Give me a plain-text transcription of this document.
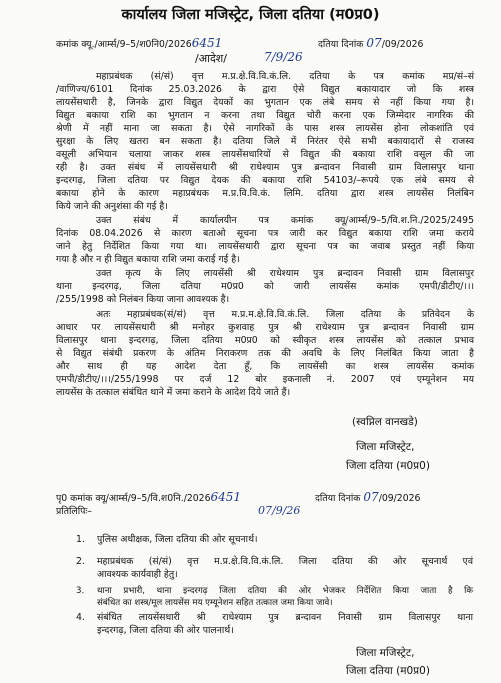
कार्यालय जिला मजिस्ट्रेट, जिला दतिया (म0प्र0)
कमांक क्यू./आर्म्स/9–5/श0नि0/20266451	दतिया दिनांक 07/09/2026
7/9/26
/आदेश/
महाप्रबंधक (सं/सं) वृत्त म.प्र.क्षे.वि.वि.कं.लि. दतिया के पत्र कमांक मप्र/सं–सं
/वाणिज्य/6101 दिनांक 25.03.2026 के द्वारा ऐसे विद्युत बकायादार जो कि शस्त्र
लायसेंसधारी है, जिनके द्वारा विद्युत देयकों का भुगतान एक लंबे समय से नहीं किया गया है।
विद्युत बकाया राशि का भुगतान न करना तथा विद्युत चोरी करना एक जिम्मेदार नागरिक की
श्रेणी में नहीं माना जा सकता है। ऐसे नागरिकों के पास शस्त्र लायसेंस होना लोकशांति एवं
सुरक्षा के लिए खतरा बन सकता है। दतिया जिले में निरंतर ऐसे सभी बकायादारों से राजस्व
वसूली अभियान चलाया जाकर शस्त्र लायसेंसधारियों से विद्युत की बकाया राशि वसूल की जा
रही है। उक्त संबंध में लायसेंसधारी श्री राधेश्याम पुत्र ब्रन्दावन निवासी ग्राम विलासपुर थाना
इन्दरगढ़, जिला दतिया पर विद्युत देयक की बकाया राशि 54103/–रूपये एक लंबे समय से
बकाया होने के कारण महाप्रबंधक म.प्र.वि.वि.कं. लिमि. दतिया द्वारा शस्त्र लायसेंस निलंबिन
किये जाने की अनुशंसा की गई है।
उक्त संबंध में कार्यालयीन पत्र कमांक क्यू/आर्म्स/9–5/वि.श.नि./2025/2495
दिनांक 08.04.2026 से कारण बताओ सूचना पत्र जारी कर विद्युत बकाया राशि जमा कराये
जाने हेतु निर्देशित किया गया था। लायसेंसधारी द्वारा सूचना पत्र का जवाब प्रस्तुत नहीं किया
गया है और न ही विद्युत बकाया राशि जमा कराई गई है।
उक्त कृत्य के लिए लायसेंसी श्री राधेश्याम पुत्र ब्रन्दावन निवासी ग्राम विलासपुर
थाना इन्दरगढ़, जिला दतिया म0प्र0 को जारी लायसेंस कमांक एमपी/डीटीए/।।।
/255/1998 को निलंबन किया जाना आवश्यक है।
अतः महाप्रबंधक(सं/सं) वृत्त म.प्र.म.क्षे.वि.वि.कं.लि. जिला दतिया के प्रतिवेदन के
आधार पर लायसेंसधारी श्री मनोहर कुशवाह पुत्र श्री राधेश्याम पुत्र ब्रन्दावन निवासी ग्राम
विलासपुर थाना इन्दरगढ़, जिला दतिया म0प्र0 को स्वीकृत शस्त्र लायसेंस को तत्काल प्रभाव
से विद्युत संबंधी प्रकरण के अंतिम निराकरण तक की अवधि के लिए निलंबित किया जाता है
और साथ ही यह आदेश देता हूँ, कि लायसेंसी का शस्त्र लायसेंस कमांक
एमपी/डीटीए/।।।/255/1998 पर दर्ज 12 बोर इकनाली नं. 2007 एवं एम्यूनेशन मय
लायसेंस के तत्काल संबंधित थाने में जमा कराने के आदेश दिये जाते हैं।
(स्वप्निल वानखडे)
जिला मजिस्ट्रेट,
जिला दतिया (म0प्र0)
पृ0 कमांक क्यू/आर्म्स/9–5/वि.श0नि./20266451	दतिया दिनांक 07/09/2026
07/9/26
प्रतिलिपिः–
1. पुलिस अधीक्षक, जिला दतिया की ओर सूचनार्थ।
2. महाप्रबंधक (सं/सं) वृत्त म.प्र.क्षे.वि.वि.कं.लि. जिला दतिया की ओर सूचनार्थ एवं
आवश्यक कार्यवाही हेतु।
3. थाना प्रभारी, थाना इन्दरगढ़ जिला दतिया की ओर भेजकर निर्देशित किया जाता है कि
संबंधित का शस्त्र/मूल लायसेंस मय एम्यूनेशन सहित तत्काल जमा किया जावे।
4. संबंधित लायसेंसधारी श्री राधेश्याम पुत्र ब्रन्दावन निवासी ग्राम विलासपुर थाना
इन्दरगढ़, जिला दतिया की ओर पालनार्थ।
जिला मजिस्ट्रेट,
जिला दतिया (म0प्र0)
